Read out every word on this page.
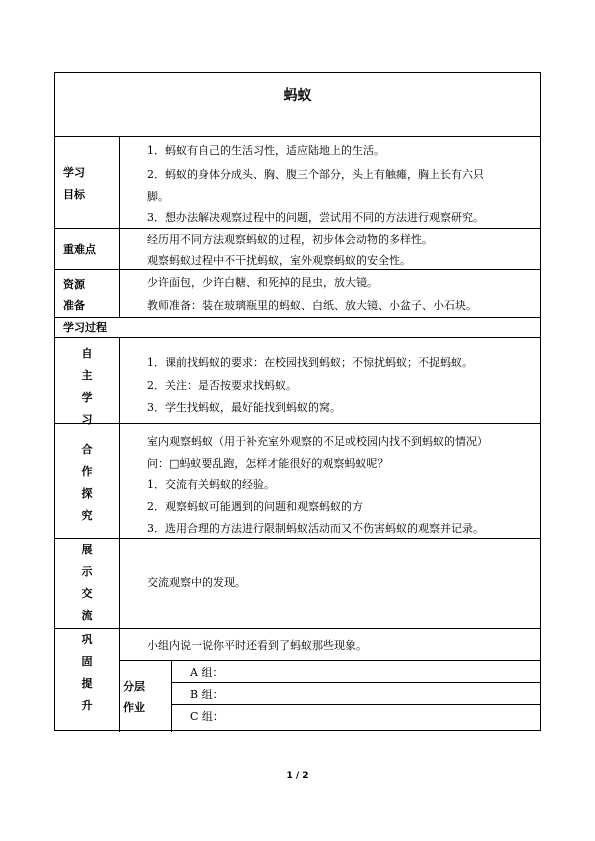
蚂蚁
学习
目标
1．蚂蚁有自己的生活习性，适应陆地上的生活。
2．蚂蚁的身体分成头、胸、腹三个部分，头上有触瘫，胸上长有六只
脚。
3．想办法解决观察过程中的问题，尝试用不同的方法进行观察研究。
重难点
经历用不同方法观察蚂蚁的过程，初步体会动物的多样性。
观察蚂蚁过程中不干扰蚂蚁，室外观察蚂蚁的安全性。
资源
准备
少许面包，少许白糖、和死掉的昆虫，放大镜。
教师准备：装在玻璃瓶里的蚂蚁、白纸、放大镜、小盆子、小石块。
学习过程
自
主
学
习
1．课前找蚂蚁的要求：在校园找到蚂蚁；不惊扰蚂蚁；不捉蚂蚁。
2．关注：是否按要求找蚂蚁。
3．学生找蚂蚁，最好能找到蚂蚁的窝。
合
作
探
究
室内观察蚂蚁（用于补充室外观察的不足或校园内找不到蚂蚁的情况）
问：□蚂蚁要乱跑，怎样才能很好的观察蚂蚁呢？
1．交流有关蚂蚁的经验。
2．观察蚂蚁可能遇到的问题和观察蚂蚁的方
3．选用合理的方法进行限制蚂蚁活动而又不伤害蚂蚁的观察并记录。
展
示
交
流
交流观察中的发现。
巩
固
提
升
小组内说一说你平时还看到了蚂蚁那些现象。
分层
作业
A 组：
B 组：
C 组：
1 / 2
